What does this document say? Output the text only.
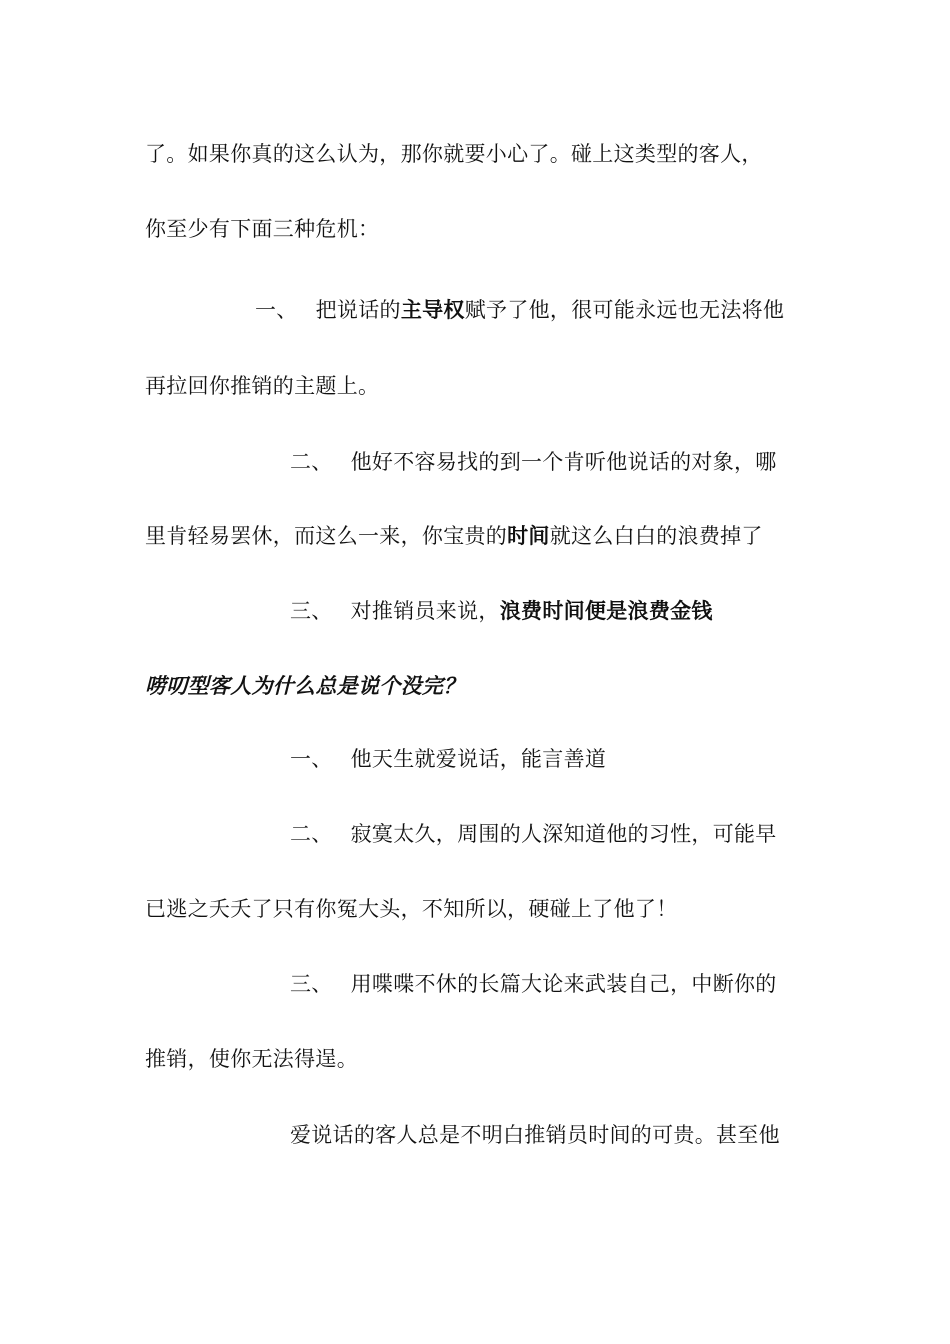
了。如果你真的这么认为，那你就要小心了。碰上这类型的客人，
你至少有下面三种危机：
一、 把说话的主导权赋予了他，很可能永远也无法将他
再拉回你推销的主题上。
二、 他好不容易找的到一个肯听他说话的对象，哪
里肯轻易罢休，而这么一来，你宝贵的时间就这么白白的浪费掉了
三、 对推销员来说，浪费时间便是浪费金钱
唠叨型客人为什么总是说个没完？
一、 他天生就爱说话，能言善道
二、 寂寞太久，周围的人深知道他的习性，可能早
已逃之夭夭了只有你冤大头，不知所以，硬碰上了他了！
三、 用喋喋不休的长篇大论来武装自己，中断你的
推销，使你无法得逞。
爱说话的客人总是不明白推销员时间的可贵。甚至他
